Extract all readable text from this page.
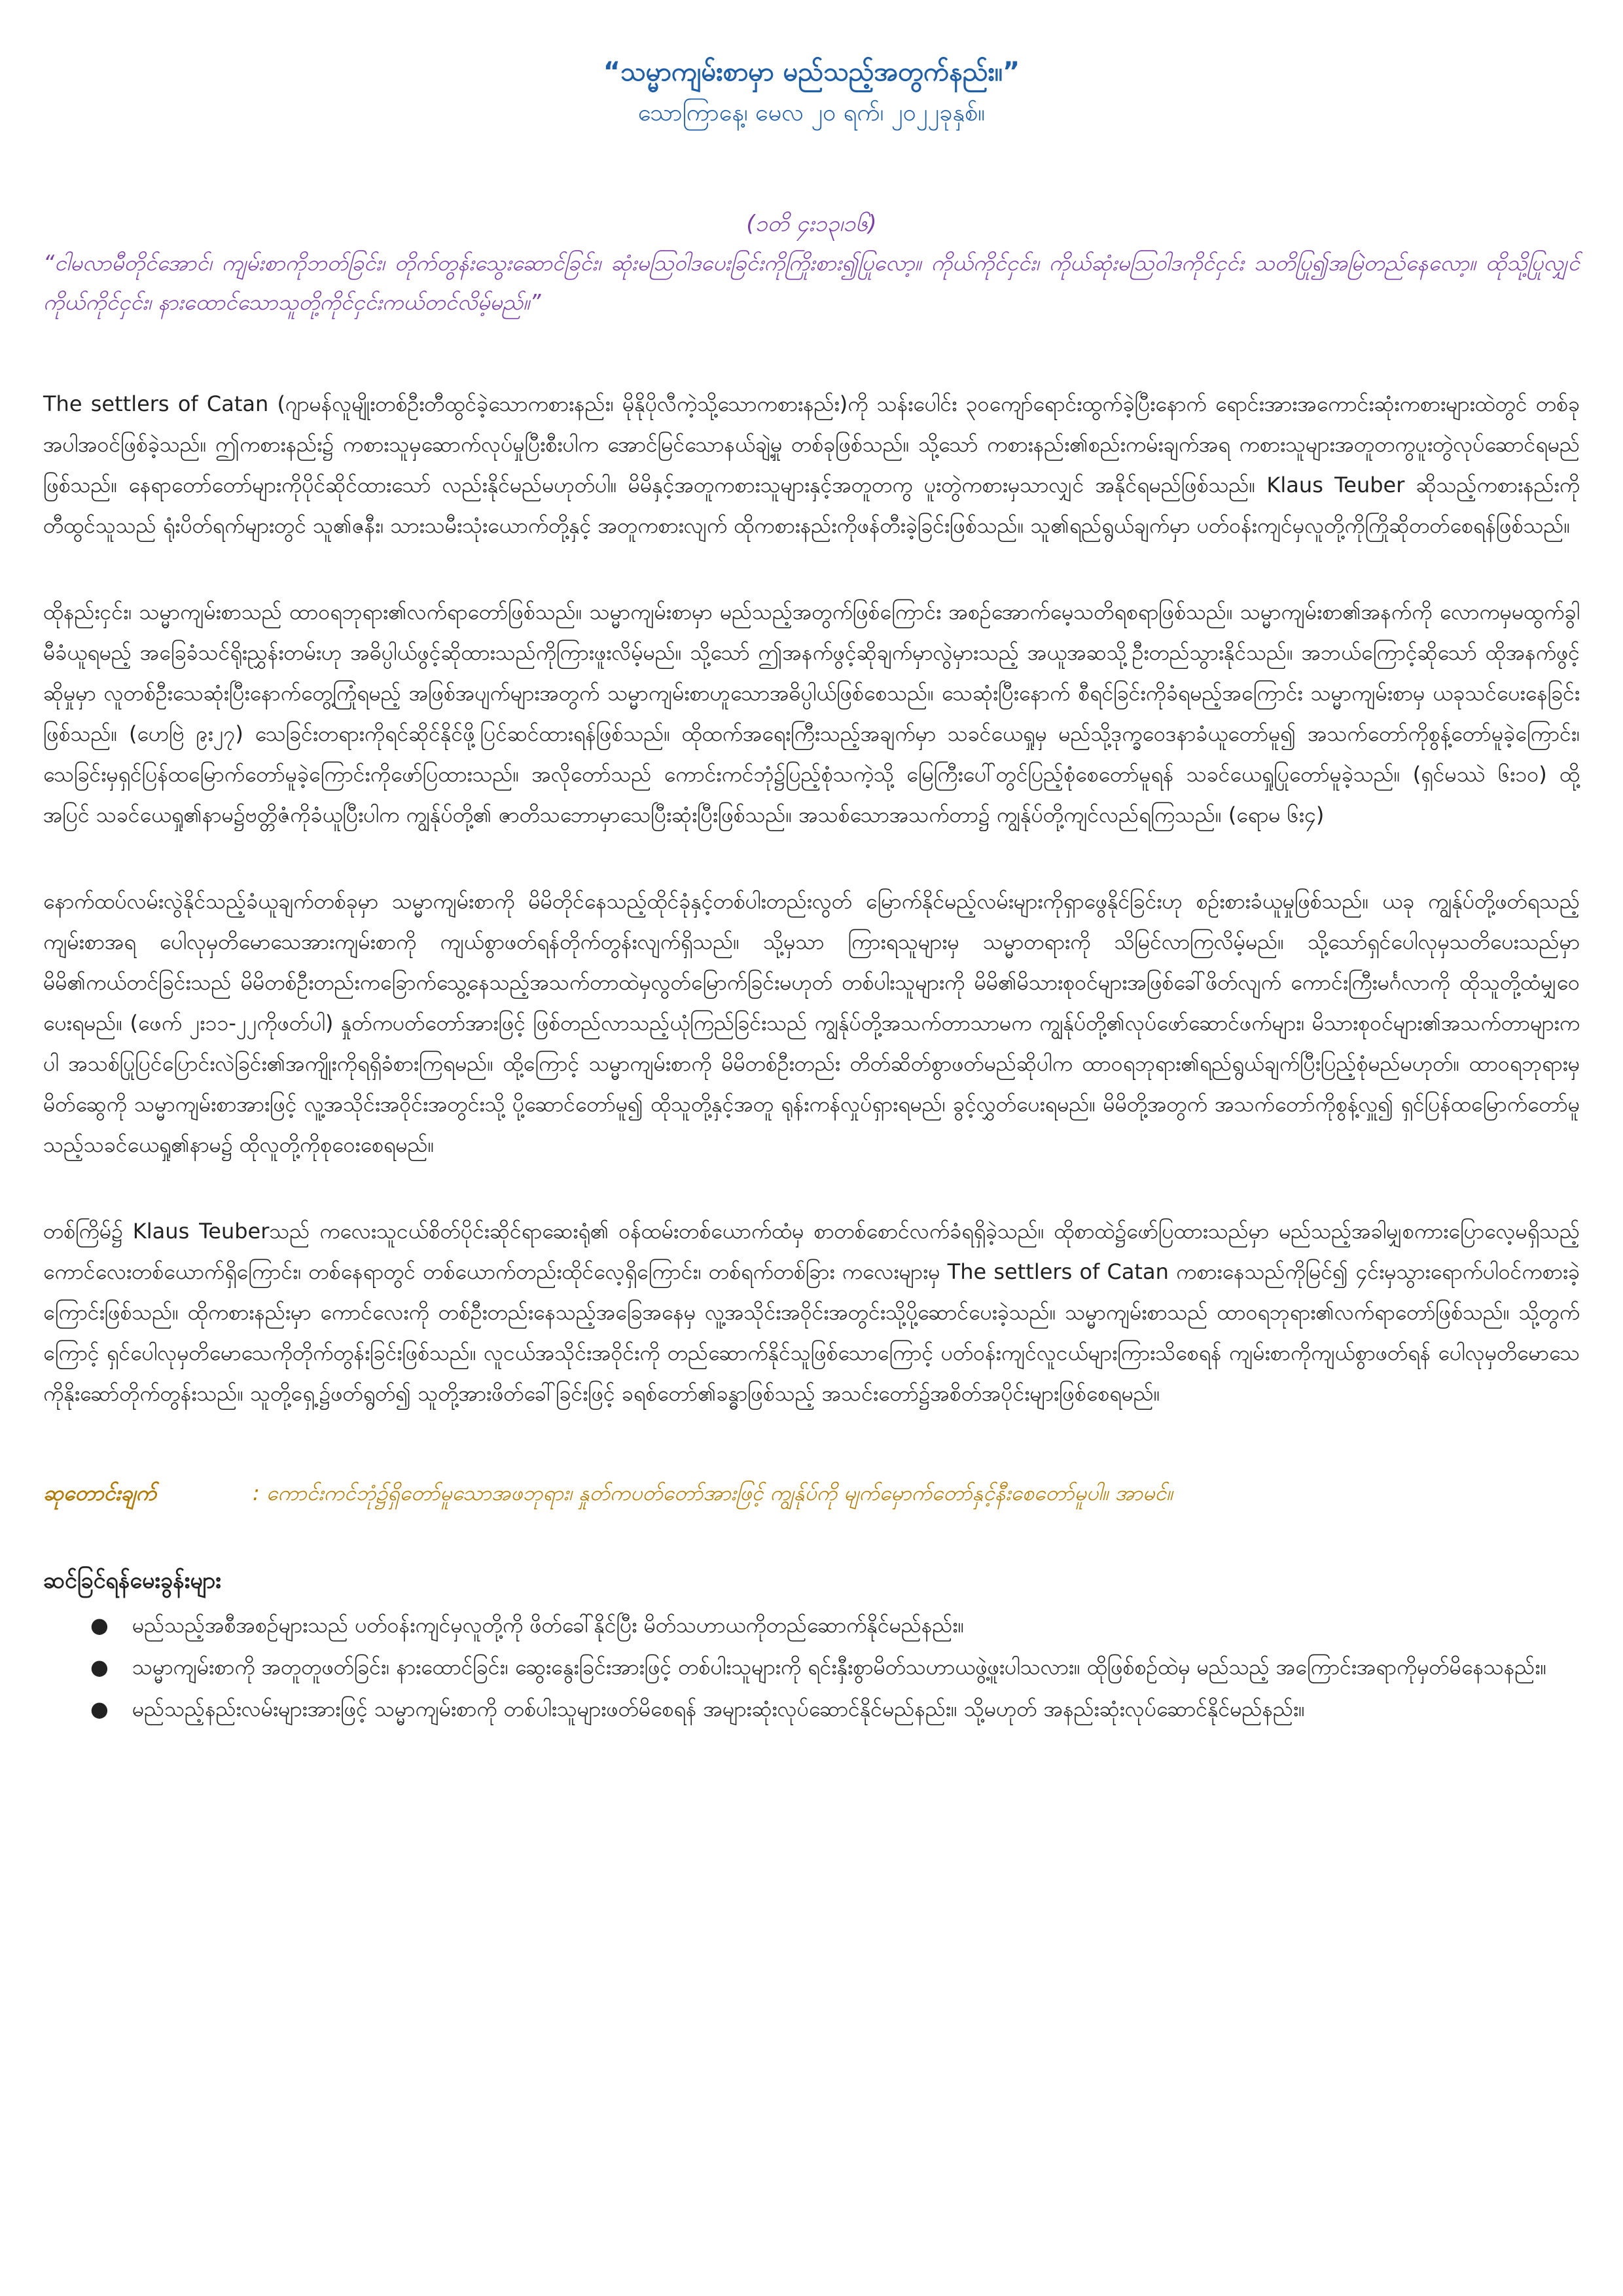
“သမ္မာကျမ်းစာမှာ မည်သည့်အတွက်နည်း။”

သောကြာနေ့၊ မေလ ၂၀ ရက်၊ ၂၀၂၂ခုနှစ်။

(၁တိ ၄း၁၃၊၁၆)

“ငါမလာမီတိုင်အောင်၊ ကျမ်းစာကိုဘတ်ခြင်း၊ တိုက်တွန်းသွေးဆောင်ခြင်း၊ ဆုံးမဩဝါဒပေးခြင်းကိုကြိုးစား၍ပြုလော့။ ကိုယ်ကိုင်ငှင်း၊ ကိုယ်ဆုံးမဩဝါဒကိုင်ငှင်း သတိပြု၍အမြဲတည်နေလော့။ ထိုသို့ပြုလျှင် ကိုယ်ကိုင်ငှင်း၊ နားထောင်သောသူတို့ကိုင်ငှင်းကယ်တင်လိမ့်မည်။”

The settlers of Catan (ဂျာမန်လူမျိုးတစ်ဦးတီထွင်ခဲ့သောကစားနည်း၊ မိုနိုပိုလီကဲ့သို့သောကစားနည်း)ကို သန်းပေါင်း ၃၀ကျော်ရောင်းထွက်ခဲ့ပြီးနောက် ရောင်းအားအကောင်းဆုံးကစားများထဲတွင် တစ်ခုအပါအဝင်ဖြစ်ခဲ့သည်။ ဤကစားနည်း၌ ကစားသူမှဆောက်လုပ်မှုပြီးစီးပါက အောင်မြင်သောနယ်ချဲ့မှု တစ်ခုဖြစ်သည်။ သို့သော် ကစားနည်း၏စည်းကမ်းချက်အရ ကစားသူများအတူတကွပူးတွဲလုပ်ဆောင်ရမည်ဖြစ်သည်။ နေရာတော်တော်များကိုပိုင်ဆိုင်ထားသော် လည်းနိုင်မည်မဟုတ်ပါ။ မိမိနှင့်အတူကစားသူများနှင့်အတူတကွ ပူးတွဲကစားမှသာလျှင် အနိုင်ရမည်ဖြစ်သည်။ Klaus Teuber ဆိုသည့်ကစားနည်းကို တီထွင်သူသည် ရုံးပိတ်ရက်များတွင် သူ၏ဇနီး၊ သားသမီးသုံးယောက်တို့နှင့် အတူကစားလျက် ထိုကစားနည်းကိုဖန်တီးခဲ့ခြင်းဖြစ်သည်။ သူ၏ရည်ရွယ်ချက်မှာ ပတ်ဝန်းကျင်မှလူတို့ကိုကြိုဆိုတတ်စေရန်ဖြစ်သည်။

ထိုနည်းငှင်း၊ သမ္မာကျမ်းစာသည် ထာဝရဘုရား၏လက်ရာတော်ဖြစ်သည်။ သမ္မာကျမ်းစာမှာ မည်သည့်အတွက်ဖြစ်ကြောင်း အစဉ်အောက်မေ့သတိရစရာဖြစ်သည်။ သမ္မာကျမ်းစာ၏အနက်ကို လောကမှမထွက်ခွါမီခံယူရမည့် အခြေခံသင်ရိုးညွှန်းတမ်းဟု အဓိပ္ပါယ်ဖွင့်ဆိုထားသည်ကိုကြားဖူးလိမ့်မည်။ သို့သော် ဤအနက်ဖွင့်ဆိုချက်မှာလွဲမှားသည့် အယူအဆသို့ဦးတည်သွားနိုင်သည်။ အဘယ်ကြောင့်ဆိုသော် ထိုအနက်ဖွင့်ဆိုမှုမှာ လူတစ်ဦးသေဆုံးပြီးနောက်တွေ့ကြုံရမည့် အဖြစ်အပျက်များအတွက် သမ္မာကျမ်းစာဟူသောအဓိပ္ပါယ်ဖြစ်စေသည်။ သေဆုံးပြီးနောက် စီရင်ခြင်းကိုခံရမည့်အကြောင်း သမ္မာကျမ်းစာမှ ယခုသင်ပေးနေခြင်း ဖြစ်သည်။ (ဟေဗြဲ ၉း၂၇) သေခြင်းတရားကိုရင်ဆိုင်နိုင်ဖို့ပြင်ဆင်ထားရန်ဖြစ်သည်။ ထိုထက်အရေးကြီးသည့်အချက်မှာ သခင်ယေရှုမှ မည်သို့ဒုက္ခဝေဒနာခံယူတော်မူ၍ အသက်တော်ကိုစွန့်တော်မူခဲ့ကြောင်း၊ သေခြင်းမှရှင်ပြန်ထမြောက်တော်မူခဲ့ကြောင်းကိုဖော်ပြထားသည်။ အလိုတော်သည် ကောင်းကင်ဘုံ၌ပြည့်စုံသကဲ့သို့ မြေကြီးပေါ်တွင်ပြည့်စုံစေတော်မူရန် သခင်ယေရှုပြုတော်မူခဲ့သည်။ (ရှင်မဿဲ ၆း၁၀) ထို့အပြင် သခင်ယေရှု၏နာမ၌ဗတ္တိဇံကိုခံယူပြီးပါက ကျွန်ုပ်တို့၏ ဇာတိသဘောမှာသေပြီးဆုံးပြီးဖြစ်သည်။ အသစ်သောအသက်တာ၌ ကျွန်ုပ်တို့ကျင်လည်ရကြသည်။ (ရောမ ၆း၄)

နောက်ထပ်လမ်းလွဲနိုင်သည့်ခံယူချက်တစ်ခုမှာ သမ္မာကျမ်းစာကို မိမိတိုင်နေသည့်ထိုင်ခုံနှင့်တစ်ပါးတည်းလွတ် မြောက်နိုင်မည့်လမ်းများကိုရှာဖွေနိုင်ခြင်းဟု စဉ်းစားခံယူမှုဖြစ်သည်။ ယခု ကျွန်ုပ်တို့ဖတ်ရသည့်ကျမ်းစာအရ ပေါလုမှတိမောသေအားကျမ်းစာကို ကျယ်စွာဖတ်ရန်တိုက်တွန်းလျက်ရှိသည်။ သို့မှသာ ကြားရသူများမှ သမ္မာတရားကို သိမြင်လာကြလိမ့်မည်။ သို့သော်ရှင်ပေါလုမှသတိပေးသည်မှာ မိမိ၏ကယ်တင်ခြင်းသည် မိမိတစ်ဦးတည်းကခြောက်သွေ့နေသည့်အသက်တာထဲမှလွတ်မြောက်ခြင်းမဟုတ် တစ်ပါးသူများကို မိမိ၏မိသားစုဝင်များအဖြစ်ခေါ်ဖိတ်လျက် ကောင်းကြီးမင်္ဂလာကို ထိုသူတို့ထံမျှဝေပေးရမည်။ (ဖေက် ၂း၁၁-၂၂ကိုဖတ်ပါ) နှုတ်ကပတ်တော်အားဖြင့် ဖြစ်တည်လာသည့်ယုံကြည်ခြင်းသည် ကျွန်ုပ်တို့အသက်တာသာမက ကျွန်ုပ်တို့၏လုပ်ဖော်ဆောင်ဖက်များ၊ မိသားစုဝင်များ၏အသက်တာများကပါ အသစ်ပြုပြင်ပြောင်းလဲခြင်း၏အကျိုးကိုရရှိခံစားကြရမည်။ ထို့ကြောင့် သမ္မာကျမ်းစာကို မိမိတစ်ဦးတည်း တိတ်ဆိတ်စွာဖတ်မည်ဆိုပါက ထာဝရဘုရား၏ရည်ရွယ်ချက်ပြီးပြည့်စုံမည်မဟုတ်။ ထာဝရဘုရားမှ မိတ်ဆွေကို သမ္မာကျမ်းစာအားဖြင့် လူ့အသိုင်းအဝိုင်းအတွင်းသို့ ပို့ဆောင်တော်မူ၍ ထိုသူတို့နှင့်အတူ ရုန်းကန်လှုပ်ရှားရမည်၊ ခွင့်လွှတ်ပေးရမည်။ မိမိတို့အတွက် အသက်တော်ကိုစွန့်လှူ၍ ရှင်ပြန်ထမြောက်တော်မူသည့်သခင်ယေရှု၏နာမ၌ ထိုလူတို့ကိုစုဝေးစေရမည်။

တစ်ကြိမ်၌ Klaus Teuberသည် ကလေးသူငယ်စိတ်ပိုင်းဆိုင်ရာဆေးရုံ၏ ဝန်ထမ်းတစ်ယောက်ထံမှ စာတစ်စောင်လက်ခံရရှိခဲ့သည်။ ထိုစာထဲ၌ဖော်ပြထားသည်မှာ မည်သည့်အခါမျှစကားပြောလေ့မရှိသည့် ကောင်လေးတစ်ယောက်ရှိကြောင်း၊ တစ်နေရာတွင် တစ်ယောက်တည်းထိုင်လေ့ရှိကြောင်း၊ တစ်ရက်တစ်ခြား ကလေးများမှ The settlers of Catan ကစားနေသည်ကိုမြင်၍ ၄င်းမှသွားရောက်ပါဝင်ကစားခဲ့ကြောင်းဖြစ်သည်။ ထိုကစားနည်းမှာ ကောင်လေးကို တစ်ဦးတည်းနေသည့်အခြေအနေမှ လူ့အသိုင်းအဝိုင်းအတွင်းသို့ပို့ဆောင်ပေးခဲ့သည်။ သမ္မာကျမ်းစာသည် ထာဝရဘုရား၏လက်ရာတော်ဖြစ်သည်။ သို့တွက်ကြောင့် ရှင်ပေါလုမှတိမောသေကိုတိုက်တွန်းခြင်းဖြစ်သည်။ လူငယ်အသိုင်းအဝိုင်းကို တည်ဆောက်နိုင်သူဖြစ်သောကြောင့် ပတ်ဝန်းကျင်လူငယ်များကြားသိစေရန် ကျမ်းစာကိုကျယ်စွာဖတ်ရန် ပေါလုမှတိမောသေကိုနိုးဆော်တိုက်တွန်းသည်။ သူတို့ရှေ့၌ဖတ်ရွတ်၍ သူတို့အားဖိတ်ခေါ်ခြင်းဖြင့် ခရစ်တော်၏ခန္ဓာဖြစ်သည့် အသင်းတော်၌အစိတ်အပိုင်းများဖြစ်စေရမည်။

ဆုတောင်းချက်	: ကောင်းကင်ဘုံ၌ရှိတော်မူသောအဖဘုရား၊ နှုတ်ကပတ်တော်အားဖြင့် ကျွန်ုပ်ကို မျက်မှောက်တော်နှင့်နီးစေတော်မူပါ။ အာမင်။
ဆင်ခြင်ရန်မေးခွန်းများ
● မည်သည့်အစီအစဉ်များသည် ပတ်ဝန်းကျင်မှလူတို့ကို ဖိတ်ခေါ်နိုင်ပြီး မိတ်သဟာယကိုတည်ဆောက်နိုင်မည်နည်း။
● သမ္မာကျမ်းစာကို အတူတူဖတ်ခြင်း၊ နားထောင်ခြင်း၊ ဆွေးနွေးခြင်းအားဖြင့် တစ်ပါးသူများကို ရင်းနှီးစွာမိတ်သဟာယဖွဲ့ဖူးပါသလား။ ထိုဖြစ်စဉ်ထဲမှ မည်သည့် အကြောင်းအရာကိုမှတ်မိနေသနည်း။
● မည်သည့်နည်းလမ်းများအားဖြင့် သမ္မာကျမ်းစာကို တစ်ပါးသူများဖတ်မိစေရန် အများဆုံးလုပ်ဆောင်နိုင်မည်နည်း။ သို့မဟုတ် အနည်းဆုံးလုပ်ဆောင်နိုင်မည်နည်း။
